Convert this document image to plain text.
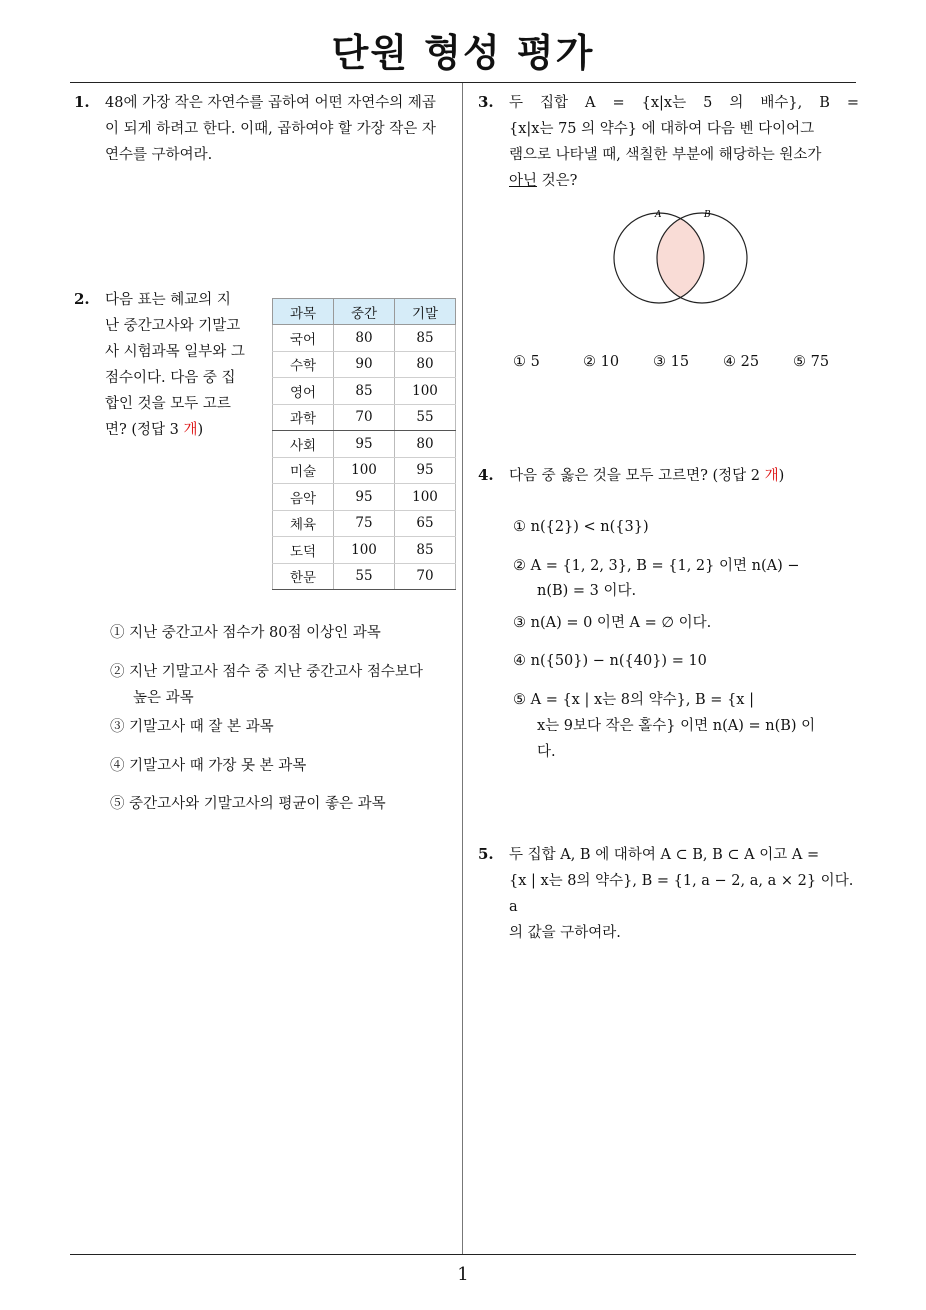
단원 형성 평가
1
1. 48에 가장 작은 자연수를 곱하여 어떤 자연수의 제곱
이 되게 하려고 한다. 이때, 곱하여야 할 가장 작은 자
연수를 구하여라.
2. 다음 표는 혜교의 지
난 중간고사와 기말고
사 시험과목 일부와 그
점수이다. 다음 중 집
합인 것을 모두 고르
면? (정답 3 개)
과목	중간	기말
국어	80	85
수학	90	80
영어	85	100
과학	70	55
사회	95	80
미술	100	95
음악	95	100
체육	75	65
도덕	100	85
한문	55	70
① 지난 중간고사 점수가 80점 이상인 과목
② 지난 기말고사 점수 중 지난 중간고사 점수보다
높은 과목
③ 기말고사 때 잘 본 과목
④ 기말고사 때 가장 못 본 과목
⑤ 중간고사와 기말고사의 평균이 좋은 과목
3. 두 집합 A = {x|x는 5 의 배수}, B =
{x|x는 75 의 약수} 에 대하여 다음 벤 다이어그
램으로 나타낼 때, 색칠한 부분에 해당하는 원소가
아닌 것은?
A	B
① 5	② 10 ③ 15 ④ 25 ⑤ 75
4. 다음 중 옳은 것을 모두 고르면? (정답 2 개)
① n({2}) < n({3})
② A = {1, 2, 3}, B = {1, 2} 이면 n(A) −
n(B) = 3 이다.
③ n(A) = 0 이면 A = ∅ 이다.
④ n({50}) − n({40}) = 10
⑤ A = {x | x는 8의 약수}, B = {x |
x는 9보다 작은 홀수} 이면 n(A) = n(B) 이
다.
5. 두 집합 A, B 에 대하여 A ⊂ B, B ⊂ A 이고 A =
{x | x는 8의 약수}, B = {1, a − 2, a, a × 2} 이다. a
의 값을 구하여라.
